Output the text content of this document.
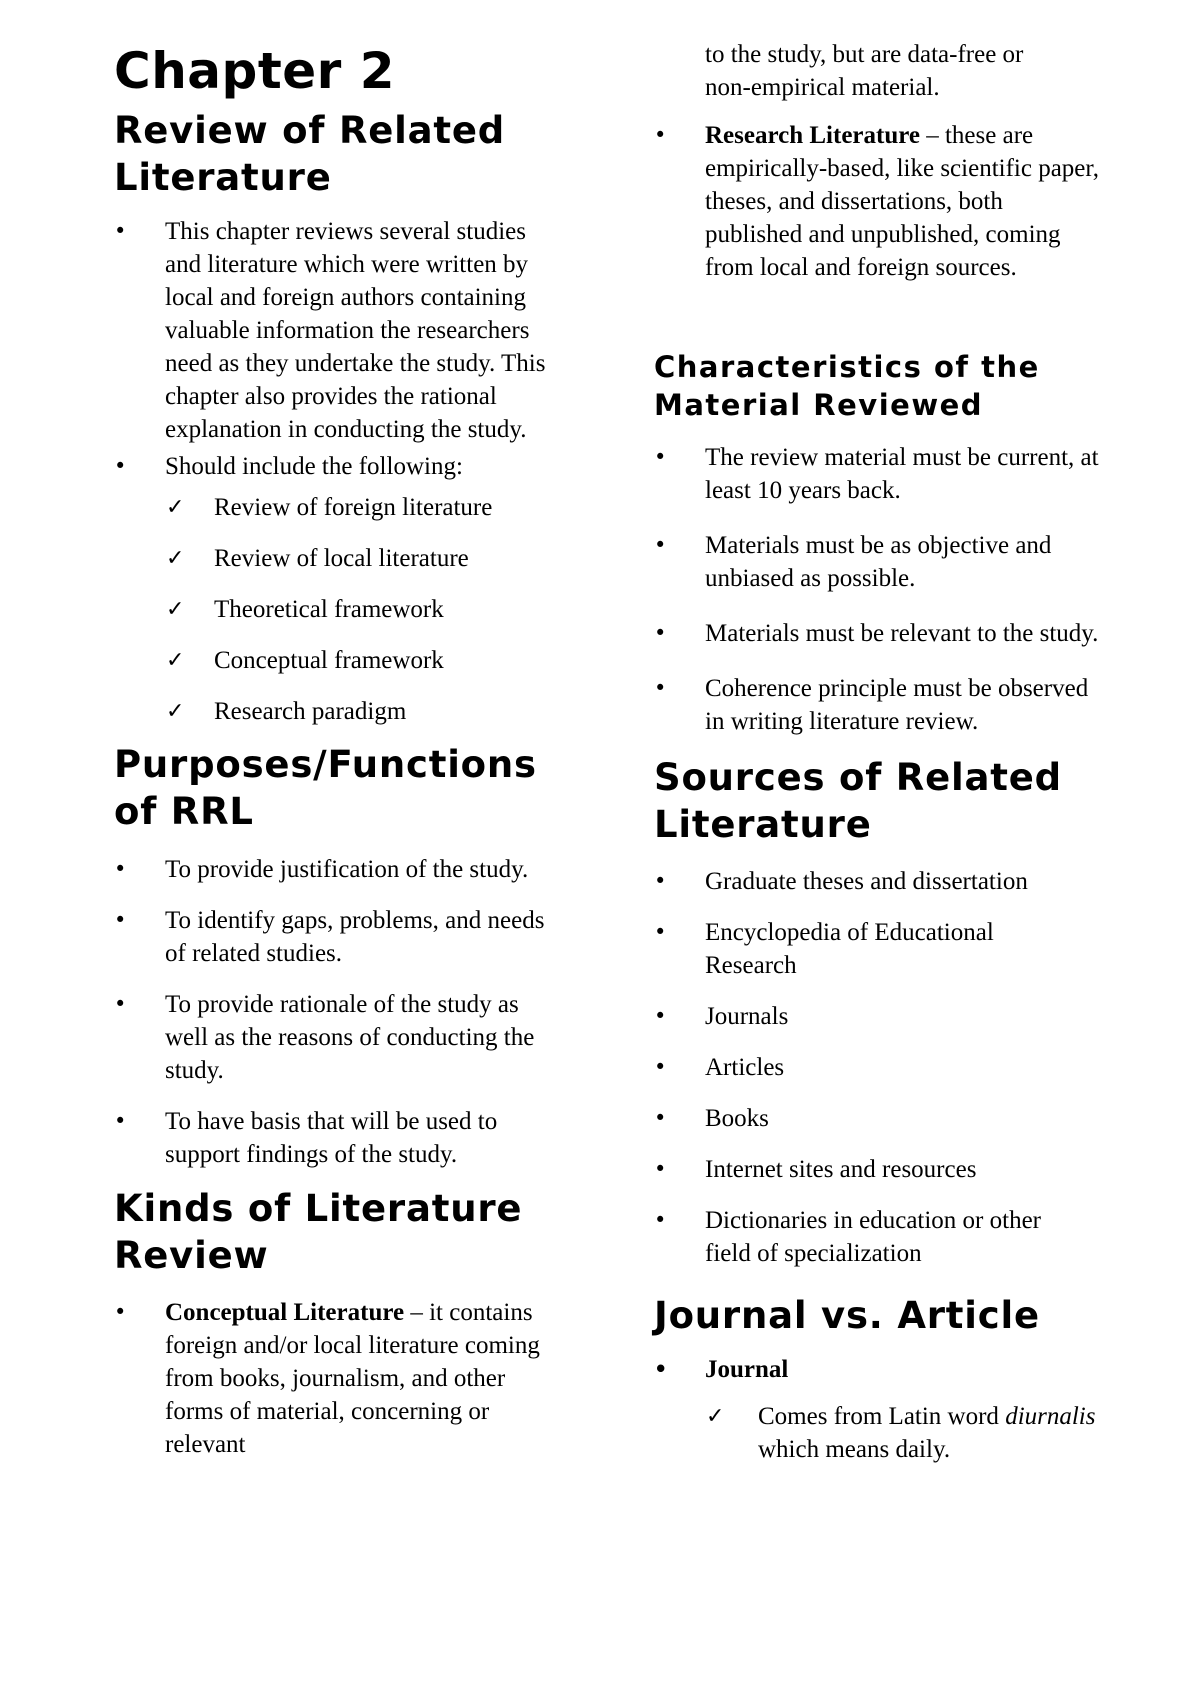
Chapter 2
Review of Related Literature
• This chapter reviews several studies and literature which were written by local and foreign authors containing valuable information the researchers need as they undertake the study. This chapter also provides the rational explanation in conducting the study.
• Should include the following:
✓ Review of foreign literature
✓ Review of local literature
✓ Theoretical framework
✓ Conceptual framework
✓ Research paradigm
Purposes/Functions of RRL
• To provide justification of the study.
• To identify gaps, problems, and needs of related studies.
• To provide rationale of the study as well as the reasons of conducting the study.
• To have basis that will be used to support findings of the study.
Kinds of Literature Review
• Conceptual Literature – it contains foreign and/or local literature coming from books, journalism, and other forms of material, concerning or relevant
to the study, but are data-free or non-empirical material.
• Research Literature – these are empirically-based, like scientific paper, theses, and dissertations, both published and unpublished, coming from local and foreign sources.
Characteristics of the Material Reviewed
• The review material must be current, at least 10 years back.
• Materials must be as objective and unbiased as possible.
• Materials must be relevant to the study.
• Coherence principle must be observed in writing literature review.
Sources of Related Literature
• Graduate theses and dissertation
• Encyclopedia of Educational Research
• Journals
• Articles
• Books
• Internet sites and resources
• Dictionaries in education or other field of specialization
Journal vs. Article
• Journal
✓ Comes from Latin word diurnalis which means daily.
